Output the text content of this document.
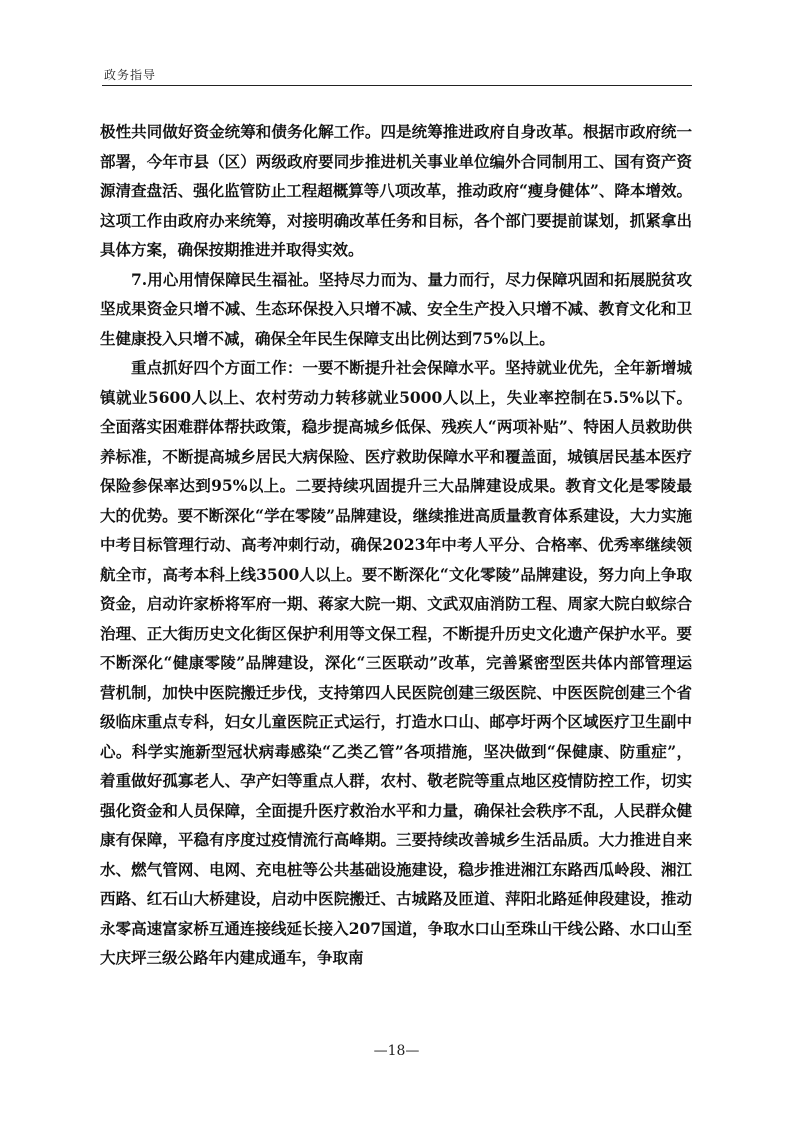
政务指导

极性共同做好资金统筹和债务化解工作。四是统筹推进政府自身改革。根据市政府统一部署，今年市县（区）两级政府要同步推进机关事业单位编外合同制用工、国有资产资源清查盘活、强化监管防止工程超概算等八项改革，推动政府“瘦身健体”、降本增效。这项工作由政府办来统筹，对接明确改革任务和目标，各个部门要提前谋划，抓紧拿出具体方案，确保按期推进并取得实效。

7.用心用情保障民生福祉。坚持尽力而为、量力而行，尽力保障巩固和拓展脱贫攻坚成果资金只增不减、生态环保投入只增不减、安全生产投入只增不减、教育文化和卫生健康投入只增不减，确保全年民生保障支出比例达到75%以上。

重点抓好四个方面工作：一要不断提升社会保障水平。坚持就业优先，全年新增城镇就业5600人以上、农村劳动力转移就业5000人以上，失业率控制在5.5%以下。全面落实困难群体帮扶政策，稳步提高城乡低保、残疾人“两项补贴”、特困人员救助供养标准，不断提高城乡居民大病保险、医疗救助保障水平和覆盖面，城镇居民基本医疗保险参保率达到95%以上。二要持续巩固提升三大品牌建设成果。教育文化是零陵最大的优势。要不断深化“学在零陵”品牌建设，继续推进高质量教育体系建设，大力实施中考目标管理行动、高考冲刺行动，确保2023年中考人平分、合格率、优秀率继续领航全市，高考本科上线3500人以上。要不断深化“文化零陵”品牌建设，努力向上争取资金，启动许家桥将军府一期、蒋家大院一期、文武双庙消防工程、周家大院白蚁综合治理、正大街历史文化街区保护利用等文保工程，不断提升历史文化遗产保护水平。要不断深化“健康零陵”品牌建设，深化“三医联动”改革，完善紧密型医共体内部管理运营机制，加快中医院搬迁步伐，支持第四人民医院创建三级医院、中医医院创建三个省级临床重点专科，妇女儿童医院正式运行，打造水口山、邮亭圩两个区域医疗卫生副中心。科学实施新型冠状病毒感染“乙类乙管”各项措施，坚决做到“保健康、防重症”，着重做好孤寡老人、孕产妇等重点人群，农村、敬老院等重点地区疫情防控工作，切实强化资金和人员保障，全面提升医疗救治水平和力量，确保社会秩序不乱，人民群众健康有保障，平稳有序度过疫情流行高峰期。三要持续改善城乡生活品质。大力推进自来水、燃气管网、电网、充电桩等公共基础设施建设，稳步推进湘江东路西瓜岭段、湘江西路、红石山大桥建设，启动中医院搬迁、古城路及匝道、萍阳北路延伸段建设，推动永零高速富家桥互通连接线延长接入207国道，争取水口山至珠山干线公路、水口山至大庆坪三级公路年内建成通车，争取南

—18—
